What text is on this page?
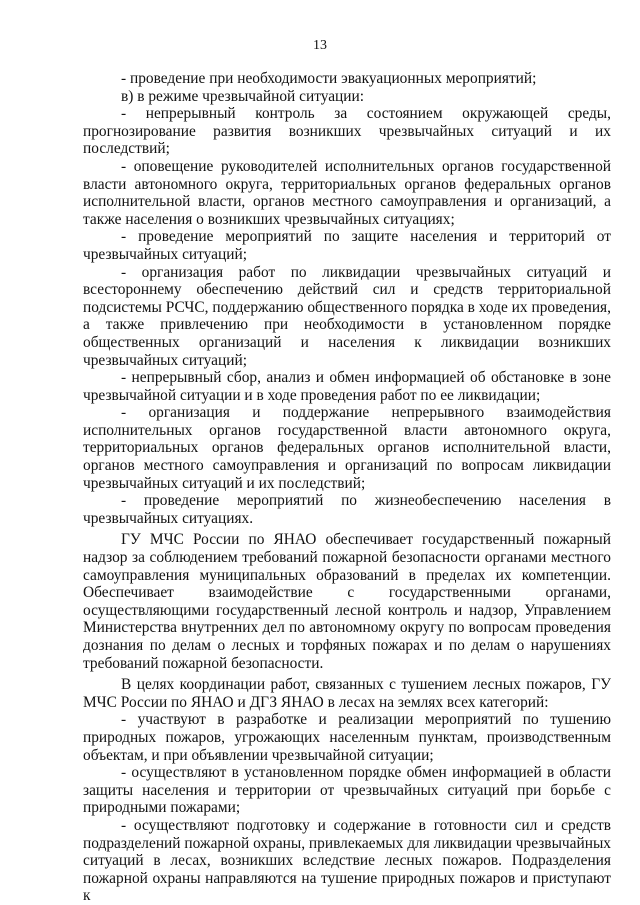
13

- проведение при необходимости эвакуационных мероприятий;

в) в режиме чрезвычайной ситуации:

- непрерывный контроль за состоянием окружающей среды, прогнозирование развития возникших чрезвычайных ситуаций и их последствий;

- оповещение руководителей исполнительных органов государственной власти автономного округа, территориальных органов федеральных органов исполнительной власти, органов местного самоуправления и организаций, а также населения о возникших чрезвычайных ситуациях;

- проведение мероприятий по защите населения и территорий от чрезвычайных ситуаций;

- организация работ по ликвидации чрезвычайных ситуаций и всестороннему обеспечению действий сил и средств территориальной подсистемы РСЧС, поддержанию общественного порядка в ходе их проведения, а также привлечению при необходимости в установленном порядке общественных организаций и населения к ликвидации возникших чрезвычайных ситуаций;

- непрерывный сбор, анализ и обмен информацией об обстановке в зоне чрезвычайной ситуации и в ходе проведения работ по ее ликвидации;

- организация и поддержание непрерывного взаимодействия исполнительных органов государственной власти автономного округа, территориальных органов федеральных органов исполнительной власти, органов местного самоуправления и организаций по вопросам ликвидации чрезвычайных ситуаций и их последствий;

- проведение мероприятий по жизнеобеспечению населения в чрезвычайных ситуациях.

ГУ МЧС России по ЯНАО обеспечивает государственный пожарный надзор за соблюдением требований пожарной безопасности органами местного самоуправления муниципальных образований в пределах их компетенции. Обеспечивает взаимодействие с государственными органами, осуществляющими государственный лесной контроль и надзор, Управлением Министерства внутренних дел по автономному округу по вопросам проведения дознания по делам о лесных и торфяных пожарах и по делам о нарушениях требований пожарной безопасности.

В целях координации работ, связанных с тушением лесных пожаров, ГУ МЧС России по ЯНАО и ДГЗ ЯНАО в лесах на землях всех категорий:

- участвуют в разработке и реализации мероприятий по тушению природных пожаров, угрожающих населенным пунктам, производственным объектам, и при объявлении чрезвычайной ситуации;

- осуществляют в установленном порядке обмен информацией в области защиты населения и территории от чрезвычайных ситуаций при борьбе с природными пожарами;

- осуществляют подготовку и содержание в готовности сил и средств подразделений пожарной охраны, привлекаемых для ликвидации чрезвычайных ситуаций в лесах, возникших вследствие лесных пожаров. Подразделения пожарной охраны направляются на тушение природных пожаров и приступают к
